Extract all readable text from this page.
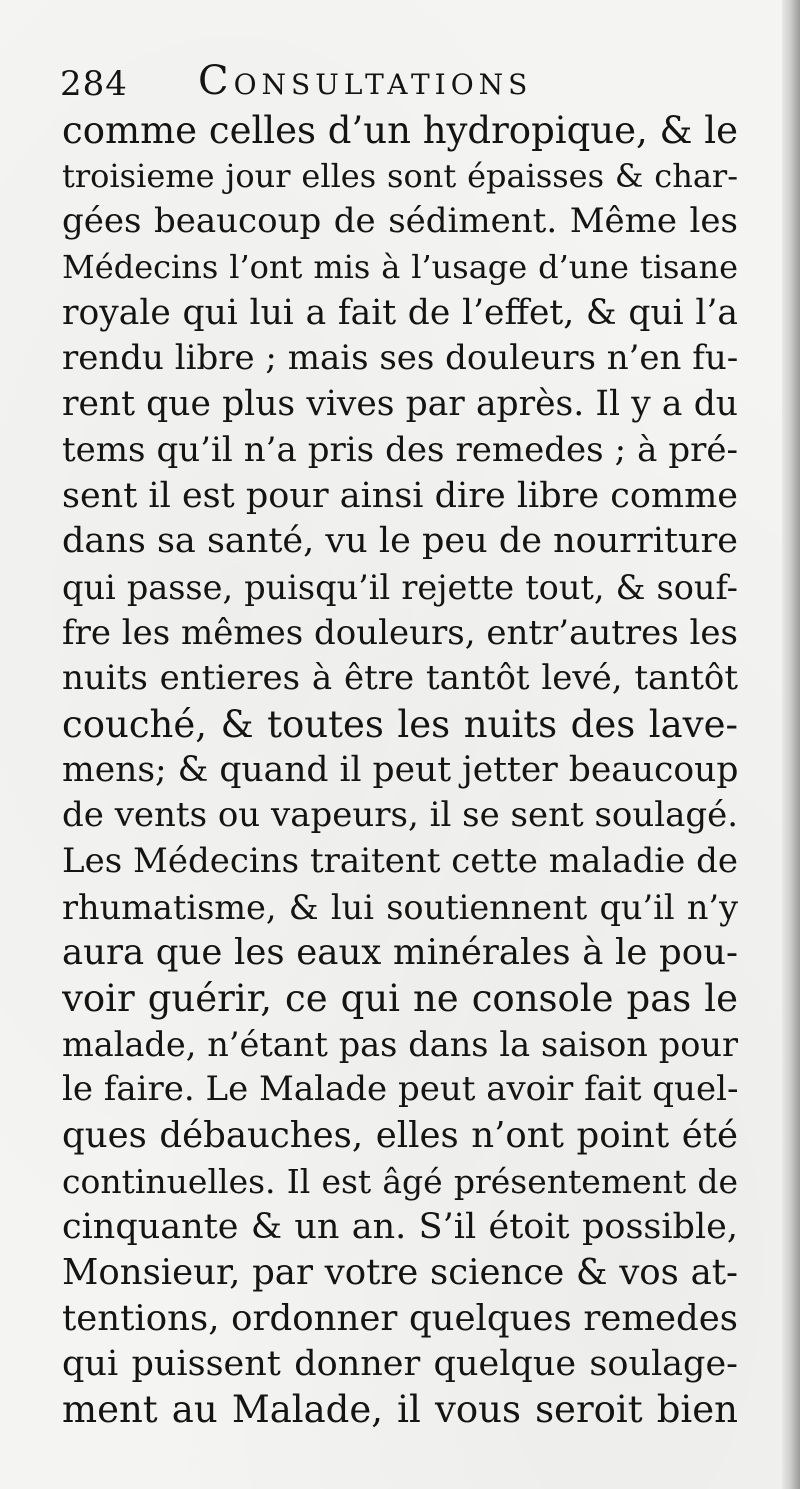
284 Consultations
comme celles d’un hydropique, & le
troisieme jour elles sont épaisses & char-
gées beaucoup de sédiment. Même les
Médecins l’ont mis à l’usage d’une tisane
royale qui lui a fait de l’effet, & qui l’a
rendu libre ; mais ses douleurs n’en fu-
rent que plus vives par après. Il y a du
tems qu’il n’a pris des remedes ; à pré-
sent il est pour ainsi dire libre comme
dans sa santé, vu le peu de nourriture
qui passe, puisqu’il rejette tout, & souf-
fre les mêmes douleurs, entr’autres les
nuits entieres à être tantôt levé, tantôt
couché, & toutes les nuits des lave-
mens; & quand il peut jetter beaucoup
de vents ou vapeurs, il se sent soulagé.
Les Médecins traitent cette maladie de
rhumatisme, & lui soutiennent qu’il n’y
aura que les eaux minérales à le pou-
voir guérir, ce qui ne console pas le
malade, n’étant pas dans la saison pour
le faire. Le Malade peut avoir fait quel-
ques débauches, elles n’ont point été
continuelles. Il est âgé présentement de
cinquante & un an. S’il étoit possible,
Monsieur, par votre science & vos at-
tentions, ordonner quelques remedes
qui puissent donner quelque soulage-
ment au Malade, il vous seroit bien
